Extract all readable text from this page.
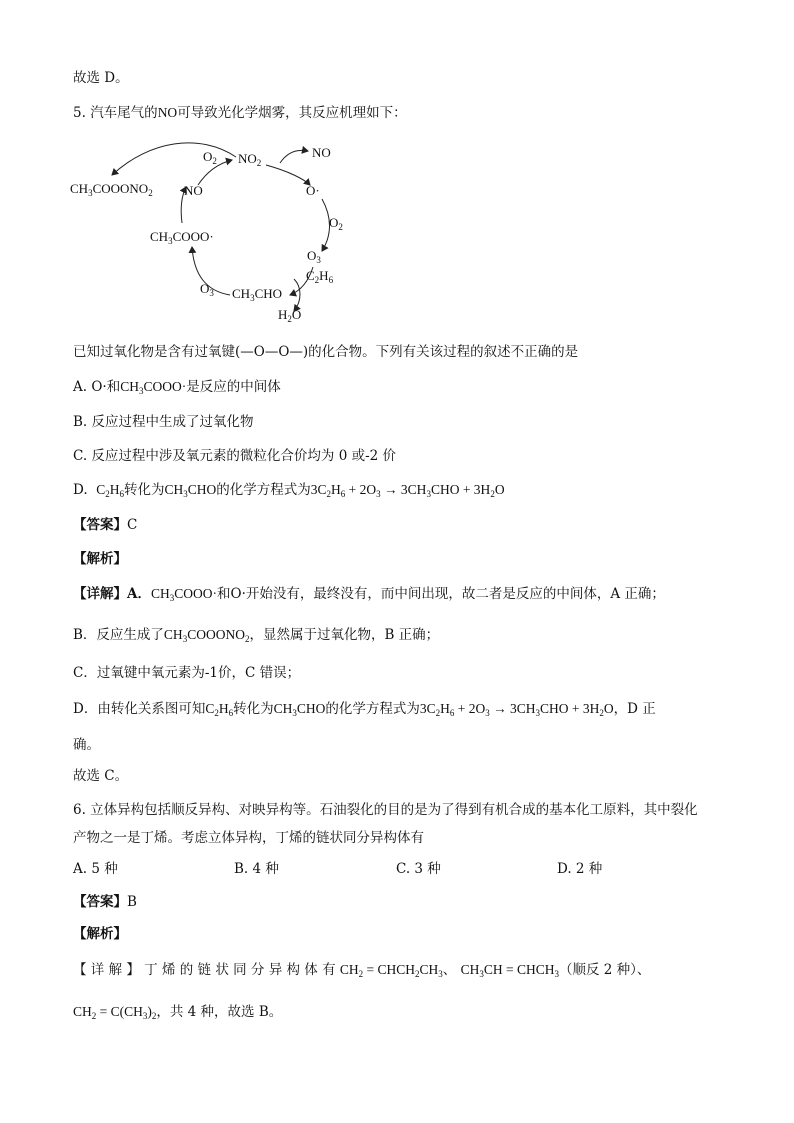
故选 D。
5. 汽车尾气的NO可导致光化学烟雾，其反应机理如下：
$CH_3COOONO_2$
$O_2$ $NO_2$
NO
NO	O·
$O_2$
$CH_3COOO\cdot$
$O_3$
$C_2H_6$
$O_3$ $CH_3CHO$
$H_2O$
已知过氧化物是含有过氧键(—O—O—)的化合物。下列有关该过程的叙述不正确的是
A. O·和$CH_3COOO\cdot$是反应的中间体
B. 反应过程中生成了过氧化物
C. 反应过程中涉及氧元素的微粒化合价均为 0 或-2 价
D. $C_2H_6$转化为$CH_3CHO$的化学方程式为$3C_2H_6 + 2O_3 \to 3CH_3CHO + 3H_2O$
【答案】C
【解析】
【详解】A．$CH_3COOO\cdot$和O·开始没有，最终没有，而中间出现，故二者是反应的中间体，A 正确；
B．反应生成了$CH_3COOONO_2$，显然属于过氧化物，B 正确；
C．过氧键中氧元素为-1价，C 错误；
D．由转化关系图可知$C_2H_6$转化为$CH_3CHO$的化学方程式为$3C_2H_6 + 2O_3 \to 3CH_3CHO + 3H_2O$，D 正
确。
故选 C。
6. 立体异构包括顺反异构、对映异构等。石油裂化的目的是为了得到有机合成的基本化工原料，其中裂化
产物之一是丁烯。考虑立体异构，丁烯的链状同分异构体有
A. 5 种	B. 4 种	C. 3 种	D. 2 种
【答案】B
【解析】
【 详 解 】 丁 烯 的 链 状 同 分 异 构 体 有 $CH_2$ = $CHCH_2CH_3$、 $CH_3CH$ = $CHCH_3$（顺反 2 种）、
$CH_2 = C(CH_3)_2$，共 4 种，故选 B。
